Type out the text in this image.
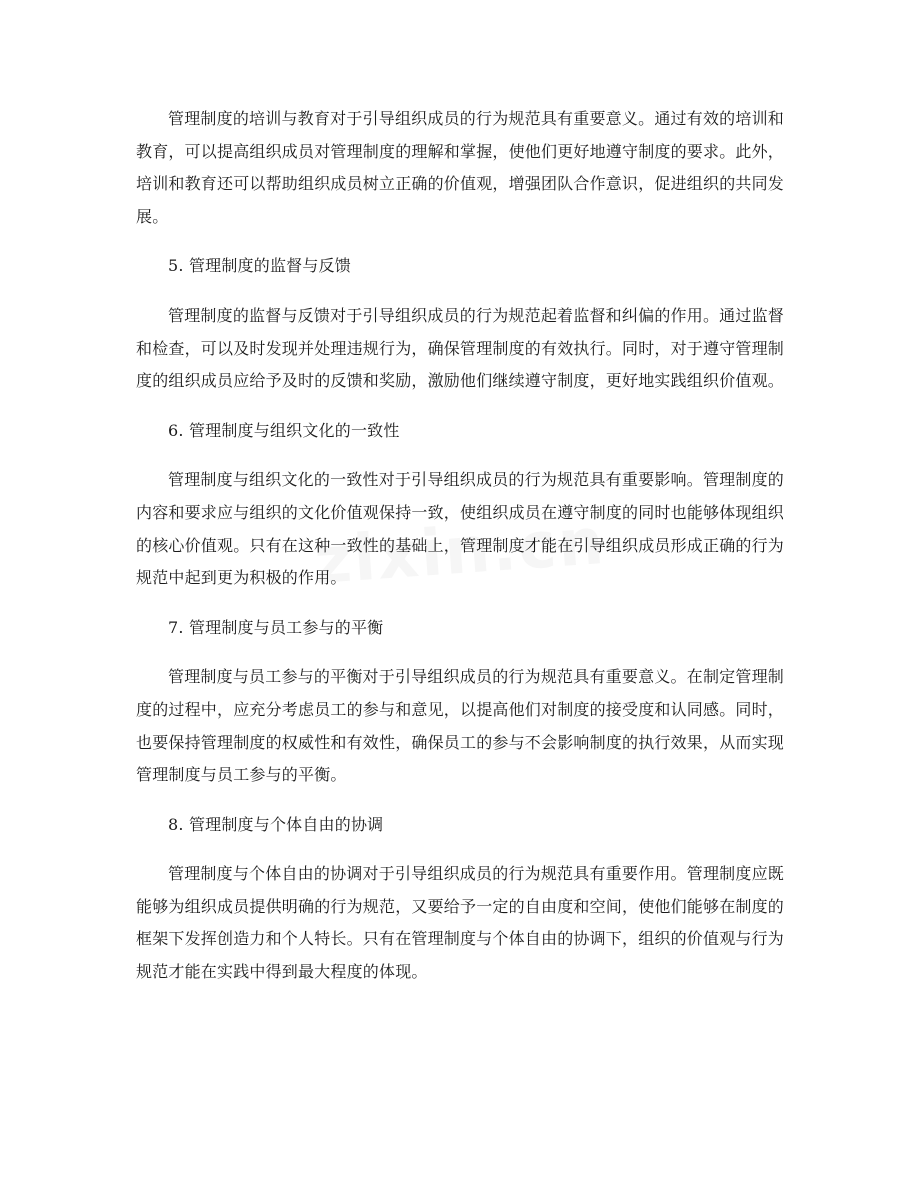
管理制度的培训与教育对于引导组织成员的行为规范具有重要意义。通过有效的培训和教育，可以提高组织成员对管理制度的理解和掌握，使他们更好地遵守制度的要求。此外，培训和教育还可以帮助组织成员树立正确的价值观，增强团队合作意识，促进组织的共同发展。

5. 管理制度的监督与反馈

管理制度的监督与反馈对于引导组织成员的行为规范起着监督和纠偏的作用。通过监督和检查，可以及时发现并处理违规行为，确保管理制度的有效执行。同时，对于遵守管理制度的组织成员应给予及时的反馈和奖励，激励他们继续遵守制度，更好地实践组织价值观。

6. 管理制度与组织文化的一致性

管理制度与组织文化的一致性对于引导组织成员的行为规范具有重要影响。管理制度的内容和要求应与组织的文化价值观保持一致，使组织成员在遵守制度的同时也能够体现组织的核心价值观。只有在这种一致性的基础上，管理制度才能在引导组织成员形成正确的行为规范中起到更为积极的作用。

7. 管理制度与员工参与的平衡

管理制度与员工参与的平衡对于引导组织成员的行为规范具有重要意义。在制定管理制度的过程中，应充分考虑员工的参与和意见，以提高他们对制度的接受度和认同感。同时，也要保持管理制度的权威性和有效性，确保员工的参与不会影响制度的执行效果，从而实现管理制度与员工参与的平衡。

8. 管理制度与个体自由的协调

管理制度与个体自由的协调对于引导组织成员的行为规范具有重要作用。管理制度应既能够为组织成员提供明确的行为规范，又要给予一定的自由度和空间，使他们能够在制度的框架下发挥创造力和个人特长。只有在管理制度与个体自由的协调下，组织的价值观与行为规范才能在实践中得到最大程度的体现。
